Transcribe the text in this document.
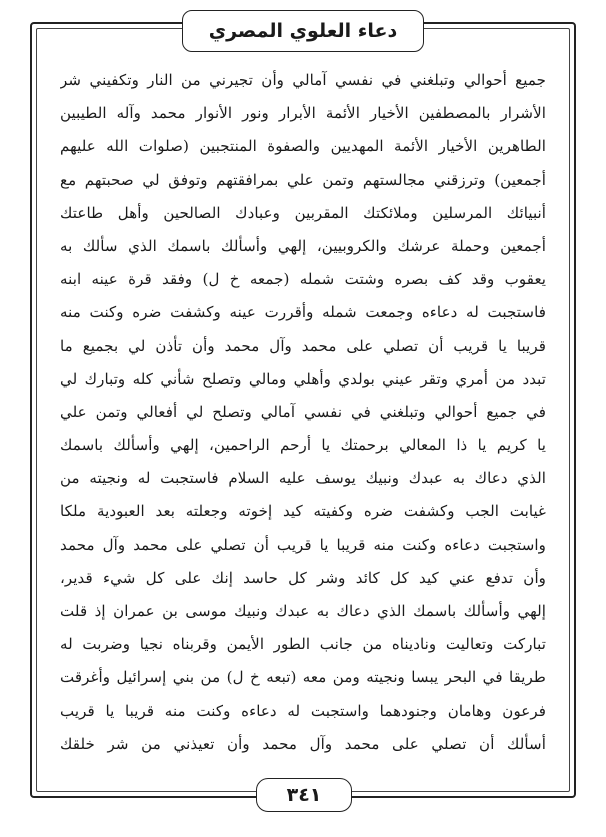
دعاء العلوي المصري
جميع أحوالي وتبلغني في نفسي آمالي وأن تجيرني من النار وتكفيني شر
الأشرار بالمصطفين الأخيار الأئمة الأبرار ونور الأنوار محمد وآله الطيبين
الطاهرين الأخيار الأئمة المهديين والصفوة المنتجبين (صلوات الله عليهم
أجمعين) وترزقني مجالستهم وتمن علي بمرافقتهم وتوفق لي صحبتهم مع
أنبيائك المرسلين وملائكتك المقربين وعبادك الصالحين وأهل طاعتك
أجمعين وحملة عرشك والكروبيين، إلهي وأسألك باسمك الذي سألك به
يعقوب وقد كف بصره وشتت شمله (جمعه خ ل) وفقد قرة عينه ابنه
فاستجبت له دعاءه وجمعت شمله وأقررت عينه وكشفت ضره وكنت منه
قريبا يا قريب أن تصلي على محمد وآل محمد وأن تأذن لي بجميع ما
تبدد من أمري وتقر عيني بولدي وأهلي ومالي وتصلح شأني كله وتبارك لي
في جميع أحوالي وتبلغني في نفسي آمالي وتصلح لي أفعالي وتمن علي
يا كريم يا ذا المعالي برحمتك يا أرحم الراحمين، إلهي وأسألك باسمك
الذي دعاك به عبدك ونبيك يوسف عليه السلام فاستجبت له ونجيته من
غيابت الجب وكشفت ضره وكفيته كيد إخوته وجعلته بعد العبودية ملكا
واستجبت دعاءه وكنت منه قريبا يا قريب أن تصلي على محمد وآل محمد
وأن تدفع عني كيد كل كائد وشر كل حاسد إنك على كل شيء قدير،
إلهي وأسألك باسمك الذي دعاك به عبدك ونبيك موسى بن عمران إذ قلت
تباركت وتعاليت وناديناه من جانب الطور الأيمن وقربناه نجيا وضربت له
طريقا في البحر يبسا ونجيته ومن معه (تبعه خ ل) من بني إسرائيل وأغرقت
فرعون وهامان وجنودهما واستجبت له دعاءه وكنت منه قريبا يا قريب
أسألك أن تصلي على محمد وآل محمد وأن تعيذني من شر خلقك
٣٤١
